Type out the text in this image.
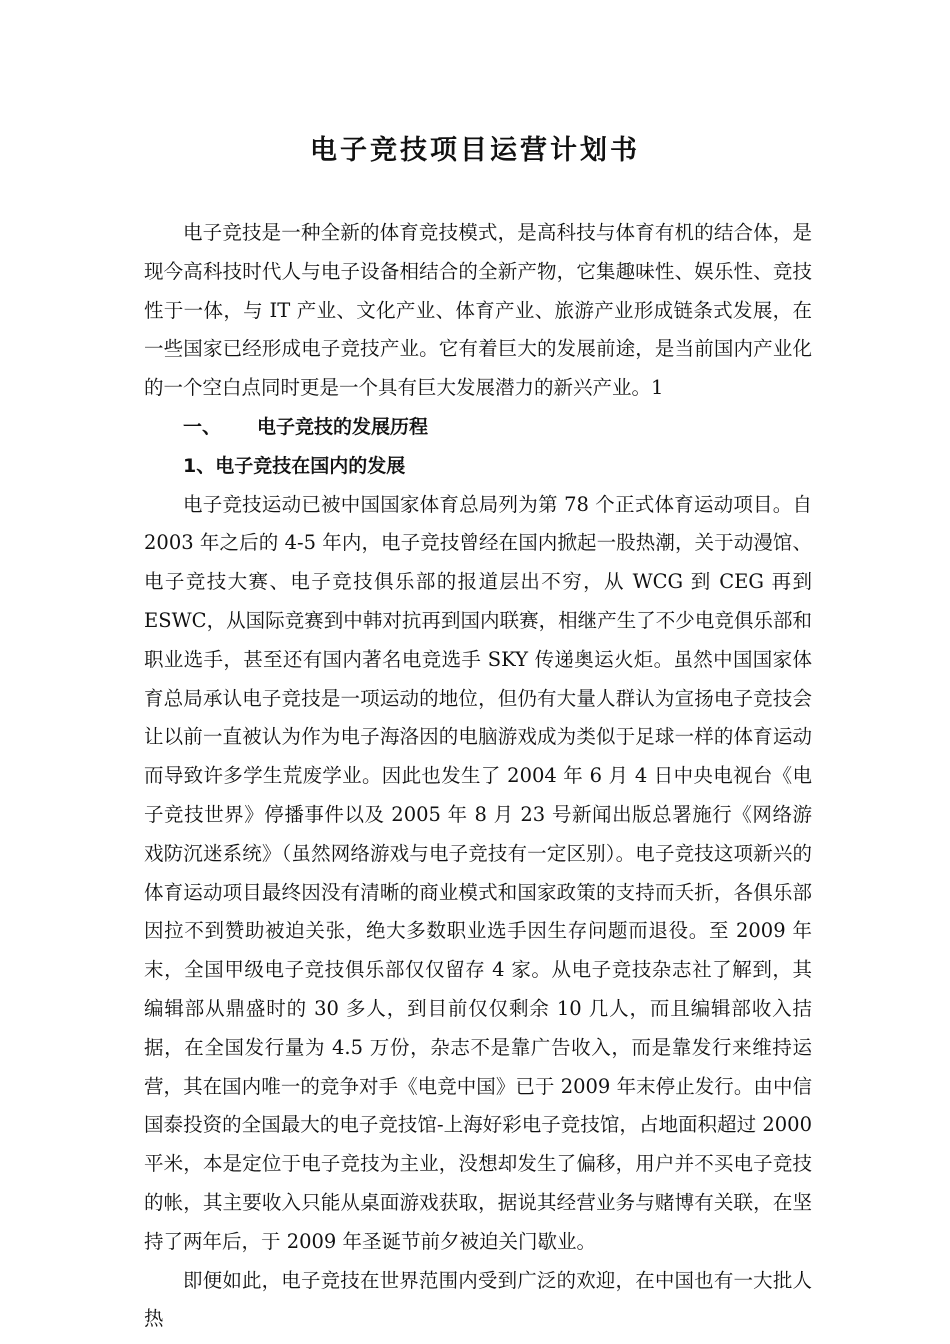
电子竞技项目运营计划书

电子竞技是一种全新的体育竞技模式，是高科技与体育有机的结合体，是现今高科技时代人与电子设备相结合的全新产物，它集趣味性、娱乐性、竞技性于一体，与 IT 产业、文化产业、体育产业、旅游产业形成链条式发展，在一些国家已经形成电子竞技产业。它有着巨大的发展前途，是当前国内产业化的一个空白点同时更是一个具有巨大发展潜力的新兴产业。1

一、 电子竞技的发展历程

1、电子竞技在国内的发展

电子竞技运动已被中国国家体育总局列为第 78 个正式体育运动项目。自 2003 年之后的 4-5 年内，电子竞技曾经在国内掀起一股热潮，关于动漫馆、电子竞技大赛、电子竞技俱乐部的报道层出不穷，从 WCG 到 CEG 再到 ESWC，从国际竞赛到中韩对抗再到国内联赛，相继产生了不少电竞俱乐部和职业选手，甚至还有国内著名电竞选手 SKY 传递奥运火炬。虽然中国国家体育总局承认电子竞技是一项运动的地位，但仍有大量人群认为宣扬电子竞技会让以前一直被认为作为电子海洛因的电脑游戏成为类似于足球一样的体育运动而导致许多学生荒废学业。因此也发生了 2004 年 6 月 4 日中央电视台《电子竞技世界》停播事件以及 2005 年 8 月 23 号新闻出版总署施行《网络游戏防沉迷系统》（虽然网络游戏与电子竞技有一定区别）。电子竞技这项新兴的体育运动项目最终因没有清晰的商业模式和国家政策的支持而夭折，各俱乐部因拉不到赞助被迫关张，绝大多数职业选手因生存问题而退役。至 2009 年末，全国甲级电子竞技俱乐部仅仅留存 4 家。从电子竞技杂志社了解到，其编辑部从鼎盛时的 30 多人，到目前仅仅剩余 10 几人，而且编辑部收入拮据，在全国发行量为 4.5 万份，杂志不是靠广告收入，而是靠发行来维持运营，其在国内唯一的竞争对手《电竞中国》已于 2009 年末停止发行。由中信国泰投资的全国最大的电子竞技馆-上海好彩电子竞技馆，占地面积超过 2000 平米，本是定位于电子竞技为主业，没想却发生了偏移，用户并不买电子竞技的帐，其主要收入只能从桌面游戏获取，据说其经营业务与赌博有关联，在坚持了两年后，于 2009 年圣诞节前夕被迫关门歇业。

即便如此，电子竞技在世界范围内受到广泛的欢迎，在中国也有一大批人热
